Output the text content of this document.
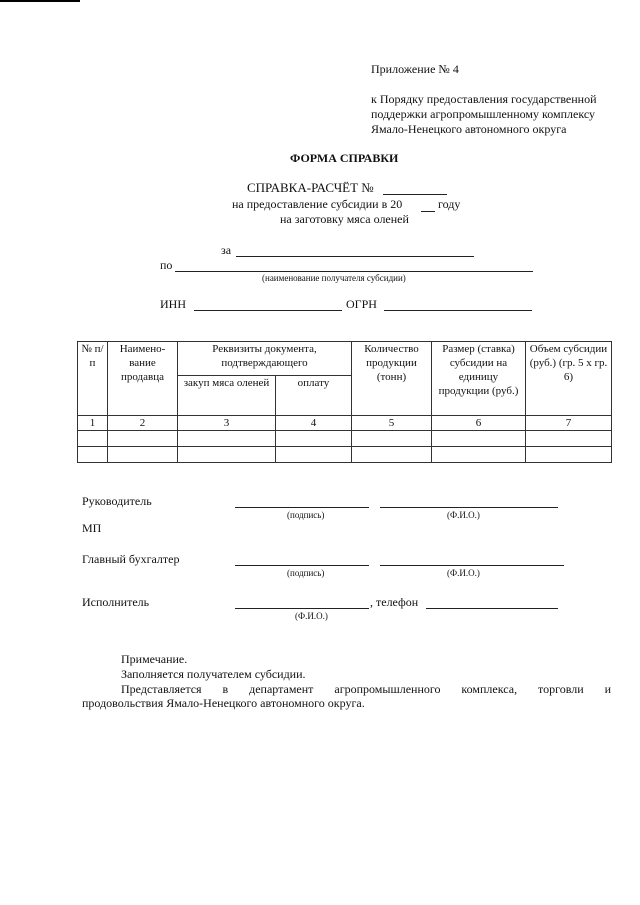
Приложение № 4
к Порядку предоставления государственной
поддержки агропромышленному комплексу
Ямало-Ненецкого автономного округа
ФОРМА СПРАВКИ
СПРАВКА-РАСЧЁТ №
на предоставление субсидии в 20	году
на заготовку мяса оленей
за
по
(наименование получателя субсидии)
ИНН	ОГРН
№ п/п	Наимено-вание продавца	Реквизиты документа, подтверждающего		Количество продукции (тонн)	Размер (ставка) субсидии на единицу продукции (руб.)	Объем субсидии (руб.) (гр. 5 x гр. 6)
		закуп мяса оленей	оплату			
1	2	3	4	5	6	7

Руководитель
(подпись)	(Ф.И.О.)
МП
Главный бухгалтер
(подпись)	(Ф.И.О.)
Исполнитель	, телефон
(Ф.И.О.)
Примечание.
Заполняется получателем субсидии.
Представляется в департамент агропромышленного комплекса, торговли и
продовольствия Ямало-Ненецкого автономного округа.
